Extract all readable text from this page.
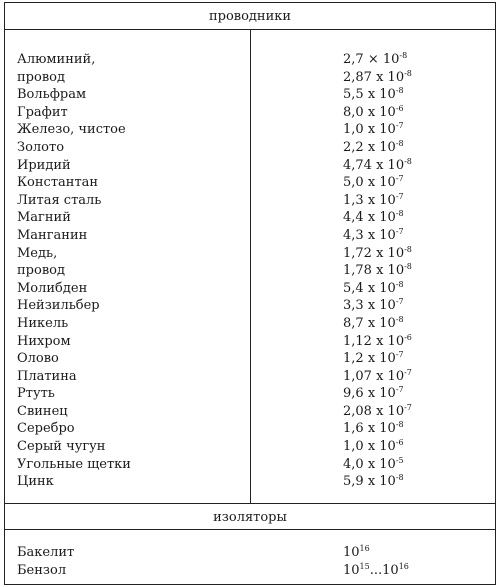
проводники
Алюминий,	$2,7 \times 10^{-8}$
провод	2,87 x $10^{-8}$
Вольфрам	5,5 x $10^{-8}$
Графит	8,0 x $10^{-6}$
Железо, чистое	1,0 x $10^{-7}$
Золото	2,2 x $10^{-8}$
Иридий	4,74 x $10^{-8}$
Константан	5,0 x $10^{-7}$
Литая сталь	1,3 x $10^{-7}$
Магний	4,4 x $10^{-8}$
Манганин	4,3 x $10^{-7}$
Медь,	1,72 x $10^{-8}$
провод	1,78 x $10^{-8}$
Молибден	5,4 x $10^{-8}$
Нейзильбер	3,3 x $10^{-7}$
Никель	8,7 x $10^{-8}$
Нихром	1,12 x $10^{-6}$
Олово	1,2 x $10^{-7}$
Платина	1,07 x $10^{-7}$
Ртуть	9,6 x $10^{-7}$
Свинец	2,08 x $10^{-7}$
Серебро	1,6 x $10^{-8}$
Серый чугун	1,0 x $10^{-6}$
Угольные щетки	4,0 x $10^{-5}$
Цинк	5,9 x $10^{-8}$
изоляторы
Бакелит	$10^{16}$
Бензол	$10^{15}...10^{16}$
